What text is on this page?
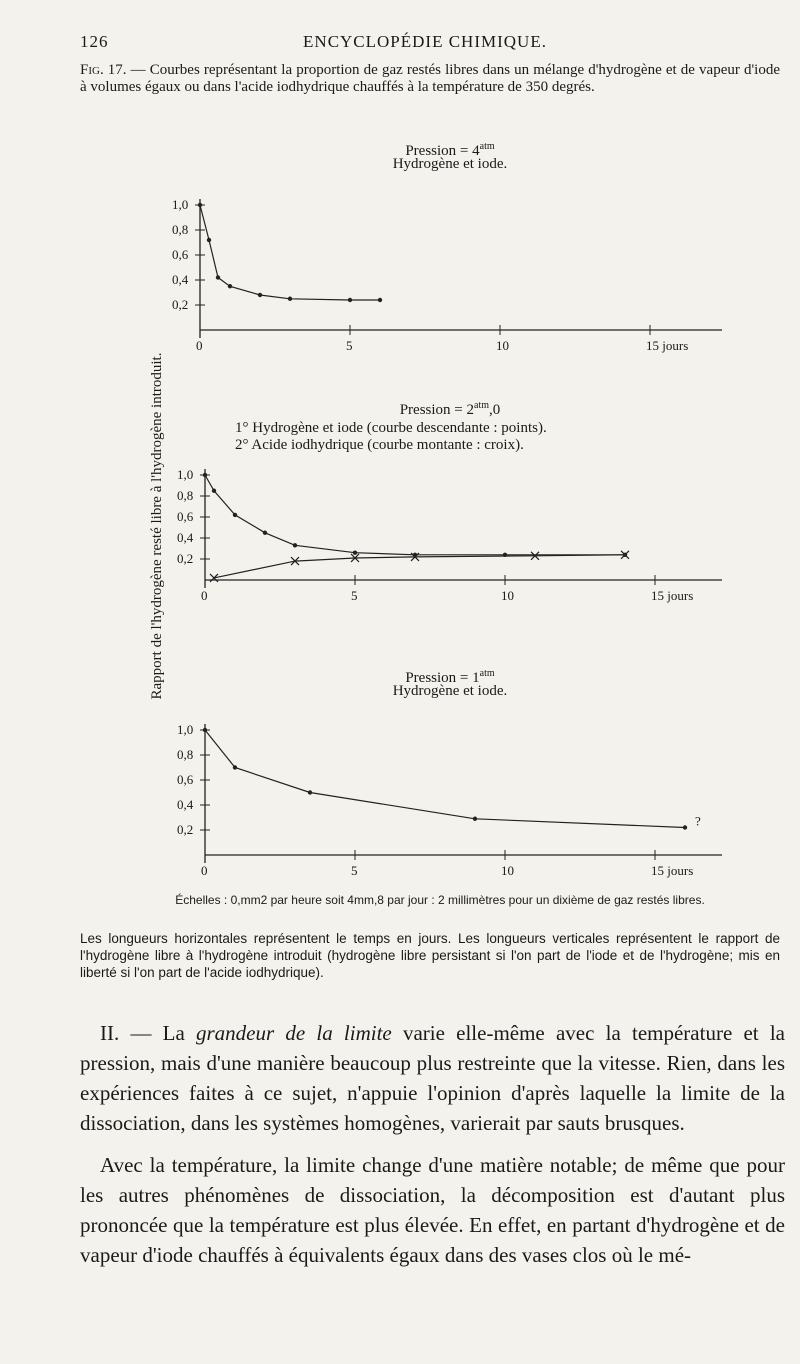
126	ENCYCLOPÉDIE CHIMIQUE.
Fig. 17. — Courbes représentant la proportion de gaz restés libres dans un mélange d'hydrogène et de vapeur d'iode à volumes égaux ou dans l'acide iodhydrique chauffés à la température de 350 degrés.
Pression = $4^{atm}$
Hydrogène et iode.
Pression = $2^{atm},0$
1° Hydrogène et iode (courbe descendante : points).
2° Acide iodhydrique (courbe montante : croix).
Pression = $1^{atm}$
Hydrogène et iode.
Rapport de l'hydrogène resté libre à l'hydrogène introduit.
0	5	10	15 jours
0,2
0,4
0,6
0,8
1,0
0	5	10	15 jours
0,2
0,4
0,6
0,8
1,0
0	5	10	15 jours
0,2
0,4
0,6
0,8
1,0
?
Échelles : 0,mm2 par heure soit 4mm,8 par jour : 2 millimètres pour un dixième de gaz restés libres.
Les longueurs horizontales représentent le temps en jours. Les longueurs verticales représentent le rapport de l'hydrogène libre à l'hydrogène introduit (hydrogène libre persistant si l'on part de l'iode et de l'hydrogène; mis en liberté si l'on part de l'acide iodhydrique).
II. — La grandeur de la limite varie elle-même avec la température et la pression, mais d'une manière beaucoup plus restreinte que la vitesse. Rien, dans les expériences faites à ce sujet, n'appuie l'opinion d'après laquelle la limite de la dissociation, dans les systèmes homogènes, varierait par sauts brusques.
Avec la température, la limite change d'une matière notable; de même que pour les autres phénomènes de dissociation, la décomposition est d'autant plus prononcée que la température est plus élevée. En effet, en partant d'hydrogène et de vapeur d'iode chauffés à équivalents égaux dans des vases clos où le mé-
